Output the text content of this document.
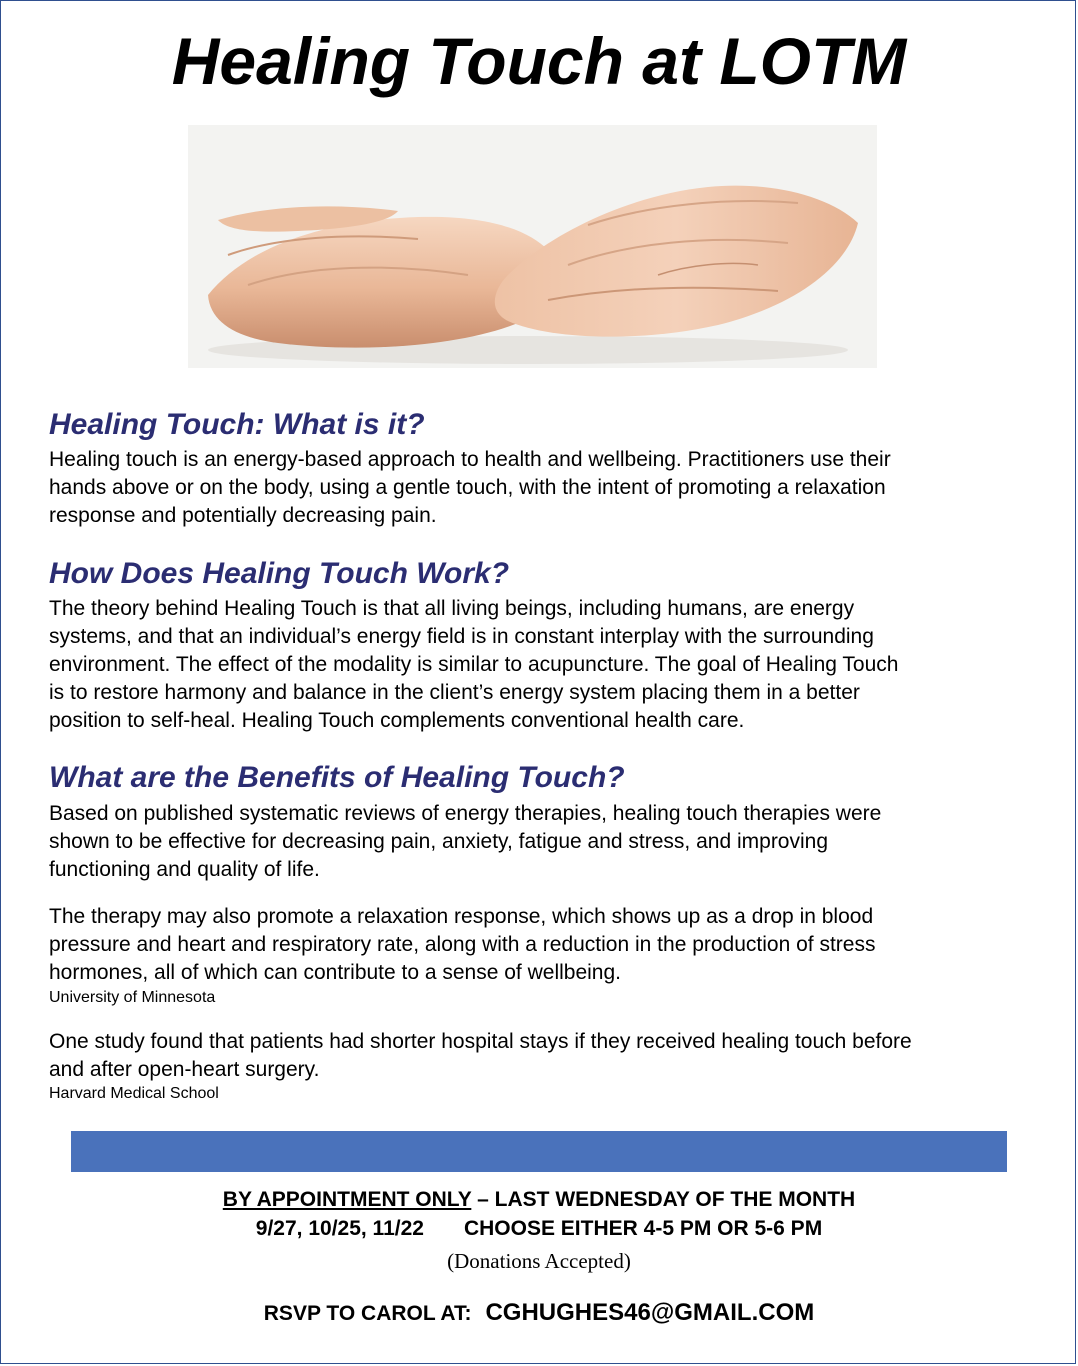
Healing Touch at LOTM
Healing Touch: What is it?
Healing touch is an energy-based approach to health and wellbeing. Practitioners use their
hands above or on the body, using a gentle touch, with the intent of promoting a relaxation
response and potentially decreasing pain.
How Does Healing Touch Work?
The theory behind Healing Touch is that all living beings, including humans, are energy
systems, and that an individual’s energy field is in constant interplay with the surrounding
environment. The effect of the modality is similar to acupuncture. The goal of Healing Touch
is to restore harmony and balance in the client’s energy system placing them in a better
position to self-heal. Healing Touch complements conventional health care.
What are the Benefits of Healing Touch?
Based on published systematic reviews of energy therapies, healing touch therapies were
shown to be effective for decreasing pain, anxiety, fatigue and stress, and improving
functioning and quality of life.
The therapy may also promote a relaxation response, which shows up as a drop in blood
pressure and heart and respiratory rate, along with a reduction in the production of stress
hormones, all of which can contribute to a sense of wellbeing.
University of Minnesota
One study found that patients had shorter hospital stays if they received healing touch before
and after open-heart surgery.
Harvard Medical School
BY APPOINTMENT ONLY – LAST WEDNESDAY OF THE MONTH
9/27, 10/25, 11/22 CHOOSE EITHER 4-5 PM OR 5-6 PM
(Donations Accepted)
RSVP TO CAROL AT: CGHUGHES46@GMAIL.COM
